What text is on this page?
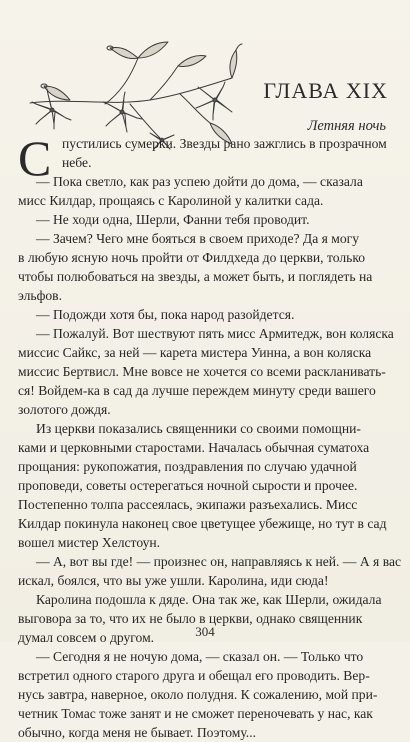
ГЛАВА XIX
Летняя ночь
С пустились сумерки. Звезды рано зажглись в прозрачном
небе.
— Пока светло, как раз успею дойти до дома, — сказала
мисс Килдар, прощаясь с Каролиной у калитки сада.
— Не ходи одна, Шерли, Фанни тебя проводит.
— Зачем? Чего мне бояться в своем приходе? Да я могу
в любую ясную ночь пройти от Филдхеда до церкви, только
чтобы полюбоваться на звезды, а может быть, и поглядеть на
эльфов.
— Подожди хотя бы, пока народ разойдется.
— Пожалуй. Вот шествуют пять мисс Армитедж, вон коляска
миссис Сайкс, за ней — карета мистера Уинна, а вон коляска
миссис Бертвисл. Мне вовсе не хочется со всеми раскланивать-
ся! Войдем-ка в сад да лучше переждем минуту среди вашего
золотого дождя.
Из церкви показались священники со своими помощни-
ками и церковными старостами. Началась обычная суматоха
прощания: рукопожатия, поздравления по случаю удачной
проповеди, советы остерегаться ночной сырости и прочее.
Постепенно толпа рассеялась, экипажи разъехались. Мисс
Килдар покинула наконец свое цветущее убежище, но тут в сад
вошел мистер Хелстоун.
— А, вот вы где! — произнес он, направляясь к ней. — А я вас
искал, боялся, что вы уже ушли. Каролина, иди сюда!
Каролина подошла к дяде. Она так же, как Шерли, ожидала
выговора за то, что их не было в церкви, однако священник
думал совсем о другом.
— Сегодня я не ночую дома, — сказал он. — Только что
встретил одного старого друга и обещал его проводить. Вер-
нусь завтра, наверное, около полудня. К сожалению, мой при-
четник Томас тоже занят и не сможет переночевать у нас, как
обычно, когда меня не бывает. Поэтому...
304
